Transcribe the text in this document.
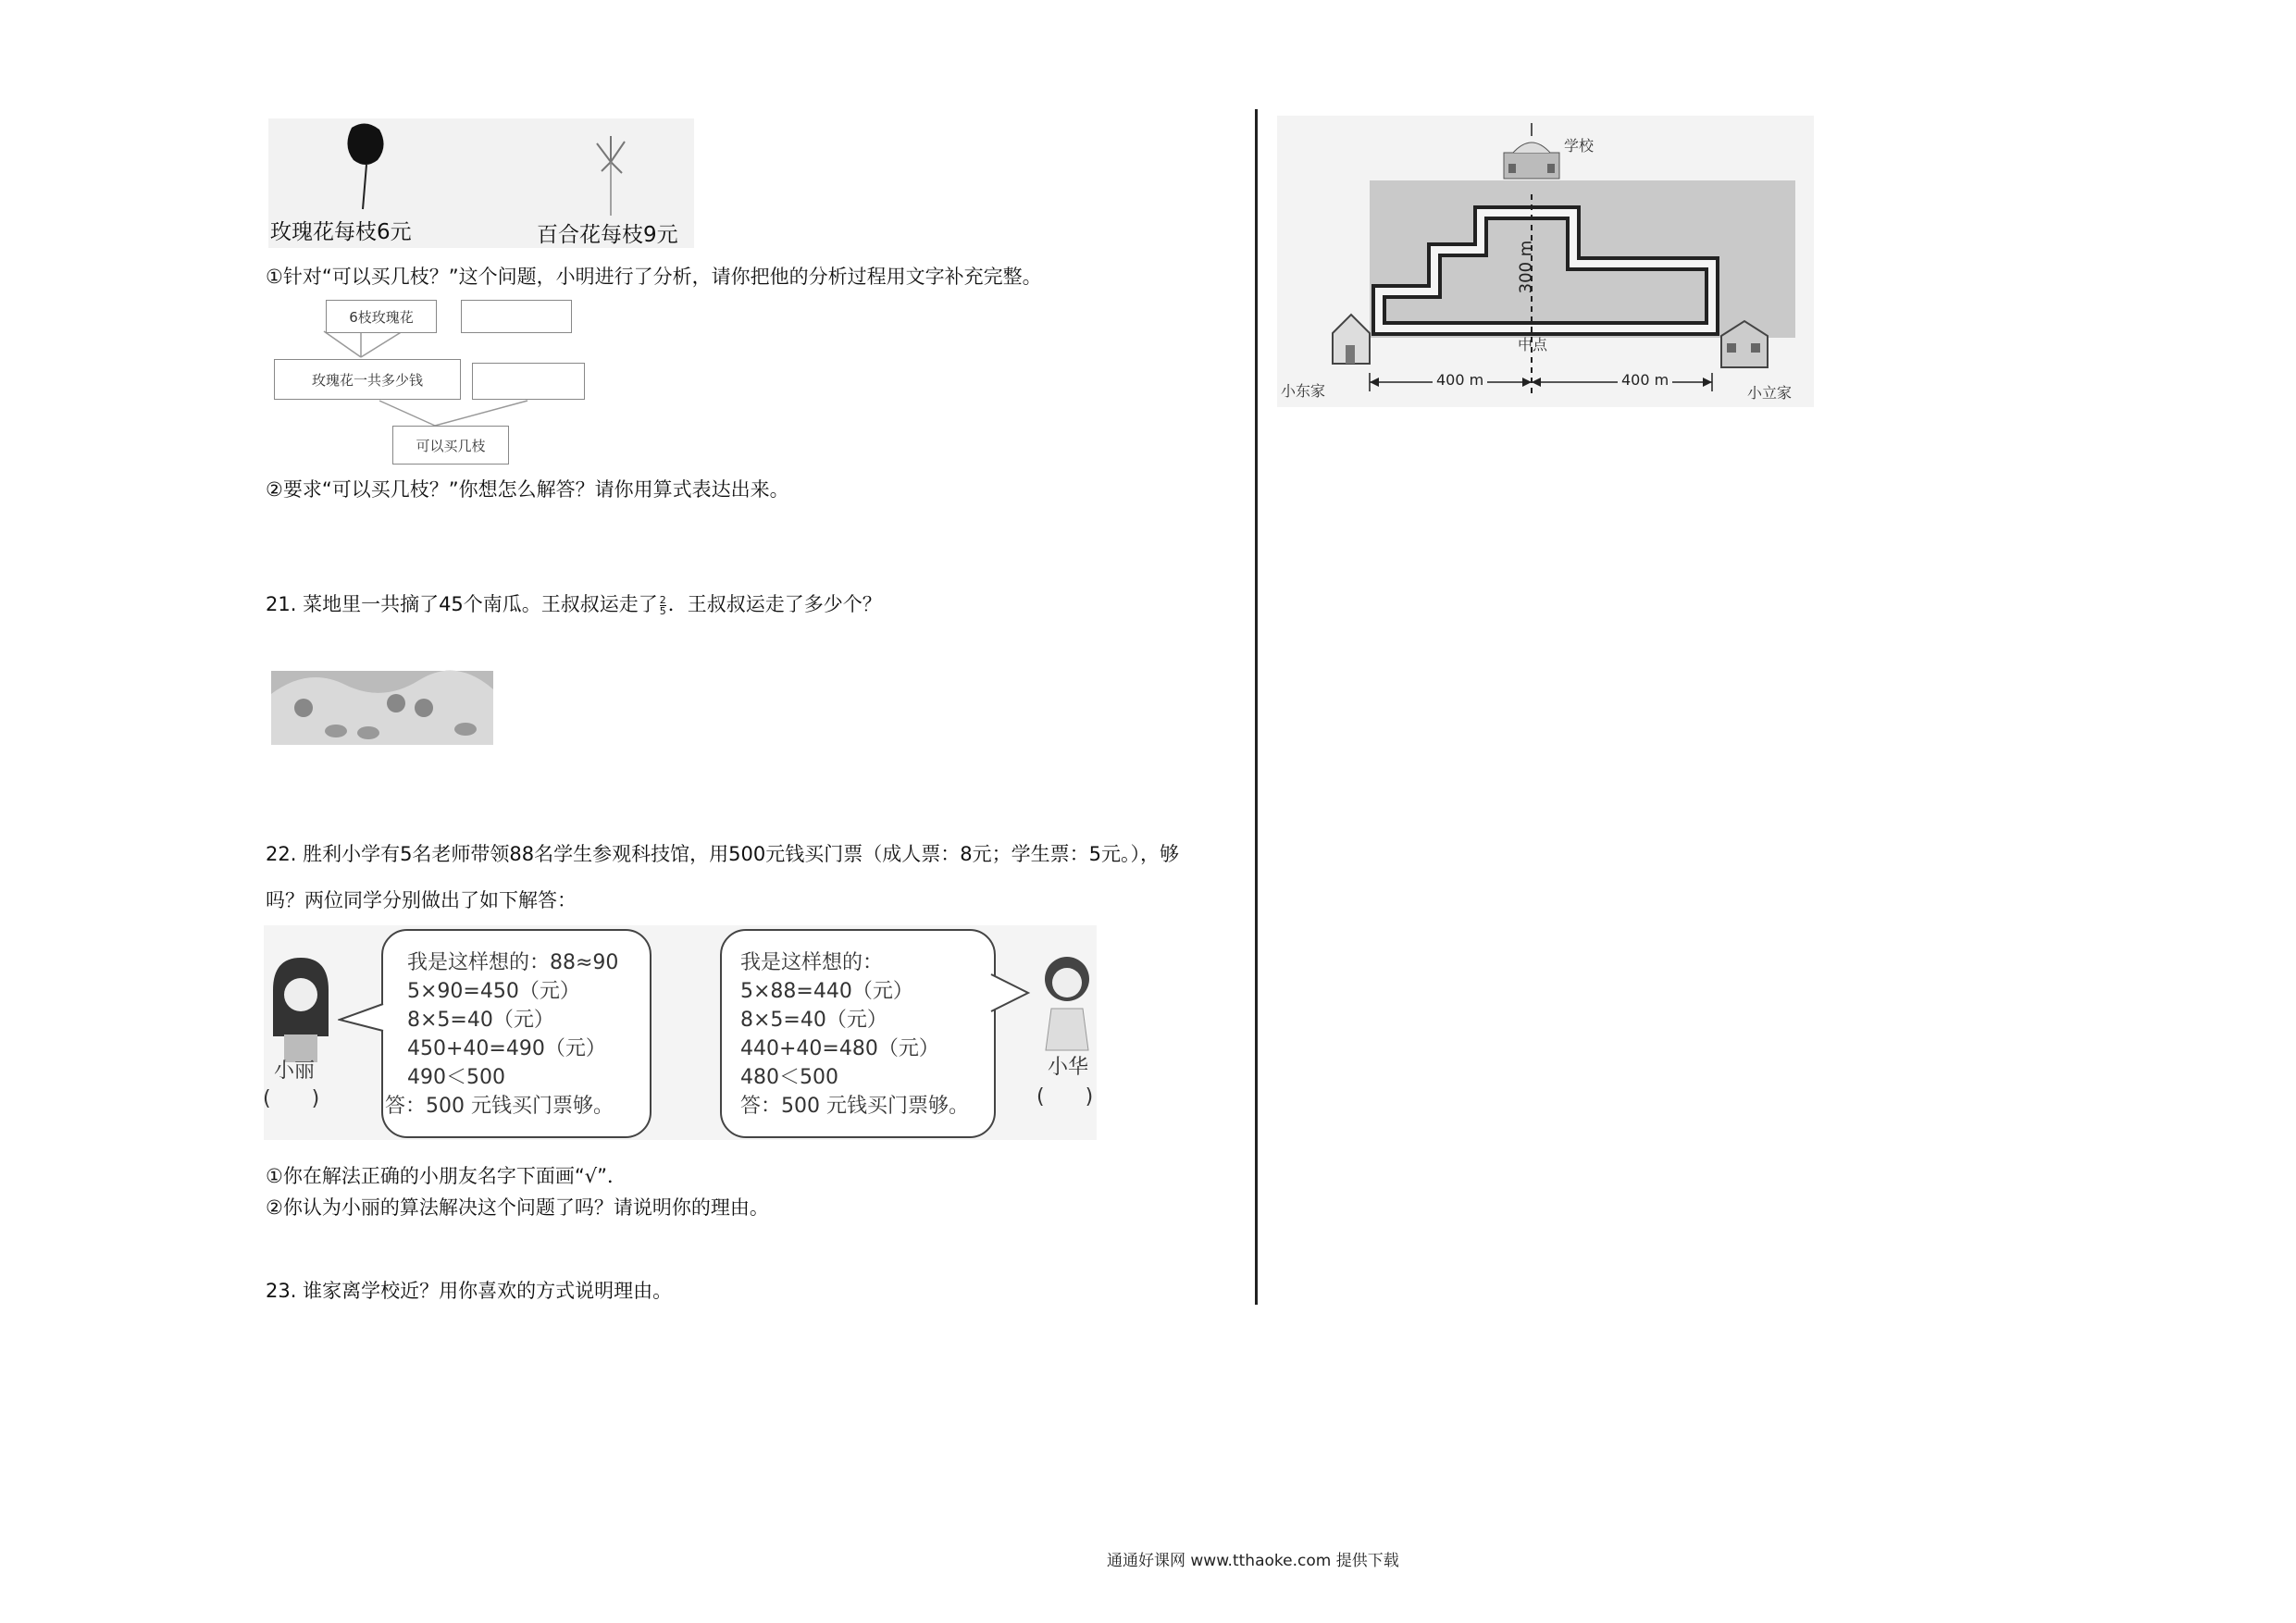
玫瑰花每枝6元	百合花每枝9元
①针对“可以买几枝？”这个问题，小明进行了分析，请你把他的分析过程用文字补充完整。
6枝玫瑰花
玫瑰花一共多少钱
可以买几枝
②要求“可以买几枝？”你想怎么解答？请你用算式表达出来。
21. 菜地里一共摘了45个南瓜。王叔叔运走了 $\frac{2}{5}$ ．王叔叔运走了多少个？
22. 胜利小学有5名老师带领88名学生参观科技馆，用500元钱买门票（成人票：8元；学生票：5元。），够
吗？两位同学分别做出了如下解答：
小丽
(　　)
我是这样想的：88≈90
5×90=450（元）
8×5=40（元）
450+40=490（元）
490＜500
答：500 元钱买门票够。
我是这样想的：
5×88=440（元）
8×5=40（元）
440+40=480（元）
480＜500
答：500 元钱买门票够。
小华
(　　)
①你在解法正确的小朋友名字下面画“√”．
②你认为小丽的算法解决这个问题了吗？请说明你的理由。
23. 谁家离学校近？用你喜欢的方式说明理由。
学校
300 m
中点
400 m	400 m
小东家	小立家
通通好课网 www.tthaoke.com 提供下载
